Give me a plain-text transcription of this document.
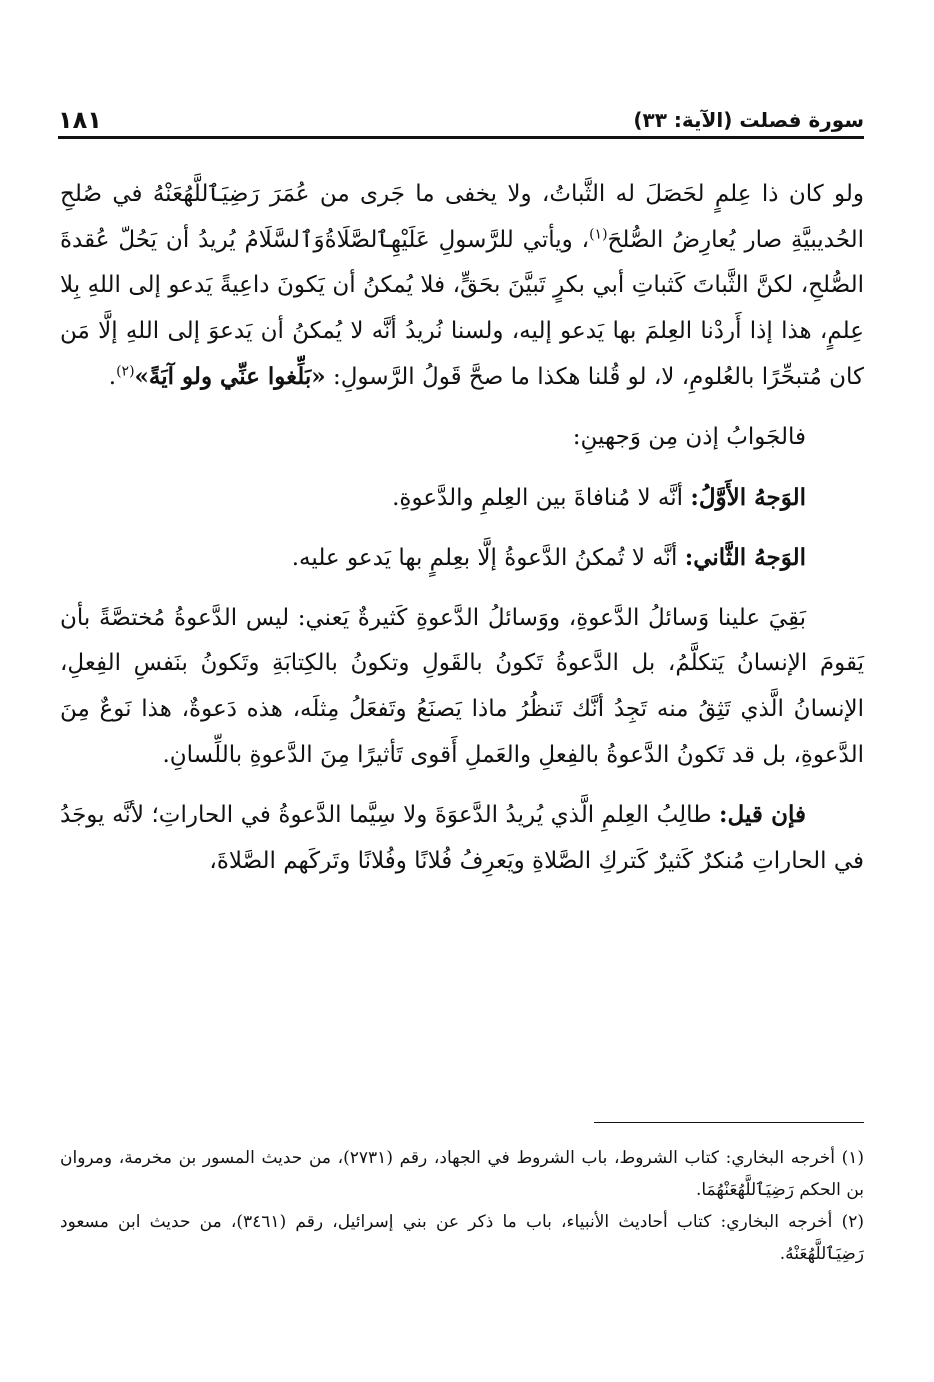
سورة فصلت (الآية: ٣٣)
١٨١

ولو كان ذا عِلمٍ لحَصَلَ له الثَّباتُ، ولا يخفى ما جَرى من عُمَرَ رَضِيَٱللَّهُعَنْهُ في صُلحِ الحُديبيَّةِ صار يُعارِضُ الصُّلحَ$^{(١)}$، ويأتي للرَّسولِ عَلَيْهِٱلصَّلَاةُوَٱلسَّلَامُ يُريدُ أن يَحُلّ عُقدةَ الصُّلحِ، لكنَّ الثَّباتَ كَثباتِ أبي بكرٍ تَبيَّنَ بحَقٍّ، فلا يُمكنُ أن يَكونَ داعِيةً يَدعو إلى اللهِ بِلا عِلمٍ، هذا إذا أَردْنا العِلمَ بها يَدعو إليه، ولسنا نُريدُ أنَّه لا يُمكنُ أن يَدعوَ إلى اللهِ إلَّا مَن كان مُتبحِّرًا بالعُلومِ، لا، لو قُلنا هكذا ما صحَّ قَولُ الرَّسولِ: «بَلِّغوا عنِّي ولو آيَةً»$^{(٢)}$.

فالجَوابُ إذن مِن وَجهينِ:

الوَجهُ الأَوَّلُ: أنَّه لا مُنافاةَ بين العِلمِ والدَّعوةِ.

الوَجهُ الثَّاني: أنَّه لا تُمكنُ الدَّعوةُ إلَّا بعِلمٍ بها يَدعو عليه.

بَقِيَ علينا وَسائلُ الدَّعوةِ، ووَسائلُ الدَّعوةِ كَثيرةٌ يَعني: ليس الدَّعوةُ مُختصَّةً بأن يَقومَ الإنسانُ يَتكلَّمُ، بل الدَّعوةُ تَكونُ بالقَولِ وتكونُ بالكِتابَةِ وتَكونُ بنَفسِ الفِعلِ، الإنسانُ الَّذي تَثِقُ منه تَجِدُ أنَّك تَنظُرُ ماذا يَصنَعُ وتَفعَلُ مِثلَه، هذه دَعوةٌ، هذا نَوعٌ مِنَ الدَّعوةِ، بل قد تَكونُ الدَّعوةُ بالفِعلِ والعَملِ أَقوى تَأثيرًا مِنَ الدَّعوةِ باللِّسانِ.

فإن قيل: طالِبُ العِلمِ الَّذي يُريدُ الدَّعوَةَ ولا سِيَّما الدَّعوةُ في الحاراتِ؛ لأنَّه يوجَدُ في الحاراتِ مُنكرٌ كَثيرٌ كَتركِ الصَّلاةِ ويَعرِفُ فُلانًا وفُلانًا وتَركَهم الصَّلاةَ،

(١) أخرجه البخاري: كتاب الشروط، باب الشروط في الجهاد، رقم (٢٧٣١)، من حديث المسور بن مخرمة، ومروان بن الحكم رَضِيَٱللَّهُعَنْهُمَا.

(٢) أخرجه البخاري: كتاب أحاديث الأنبياء، باب ما ذكر عن بني إسرائيل، رقم (٣٤٦١)، من حديث ابن مسعود رَضِيَٱللَّهُعَنْهُ.
